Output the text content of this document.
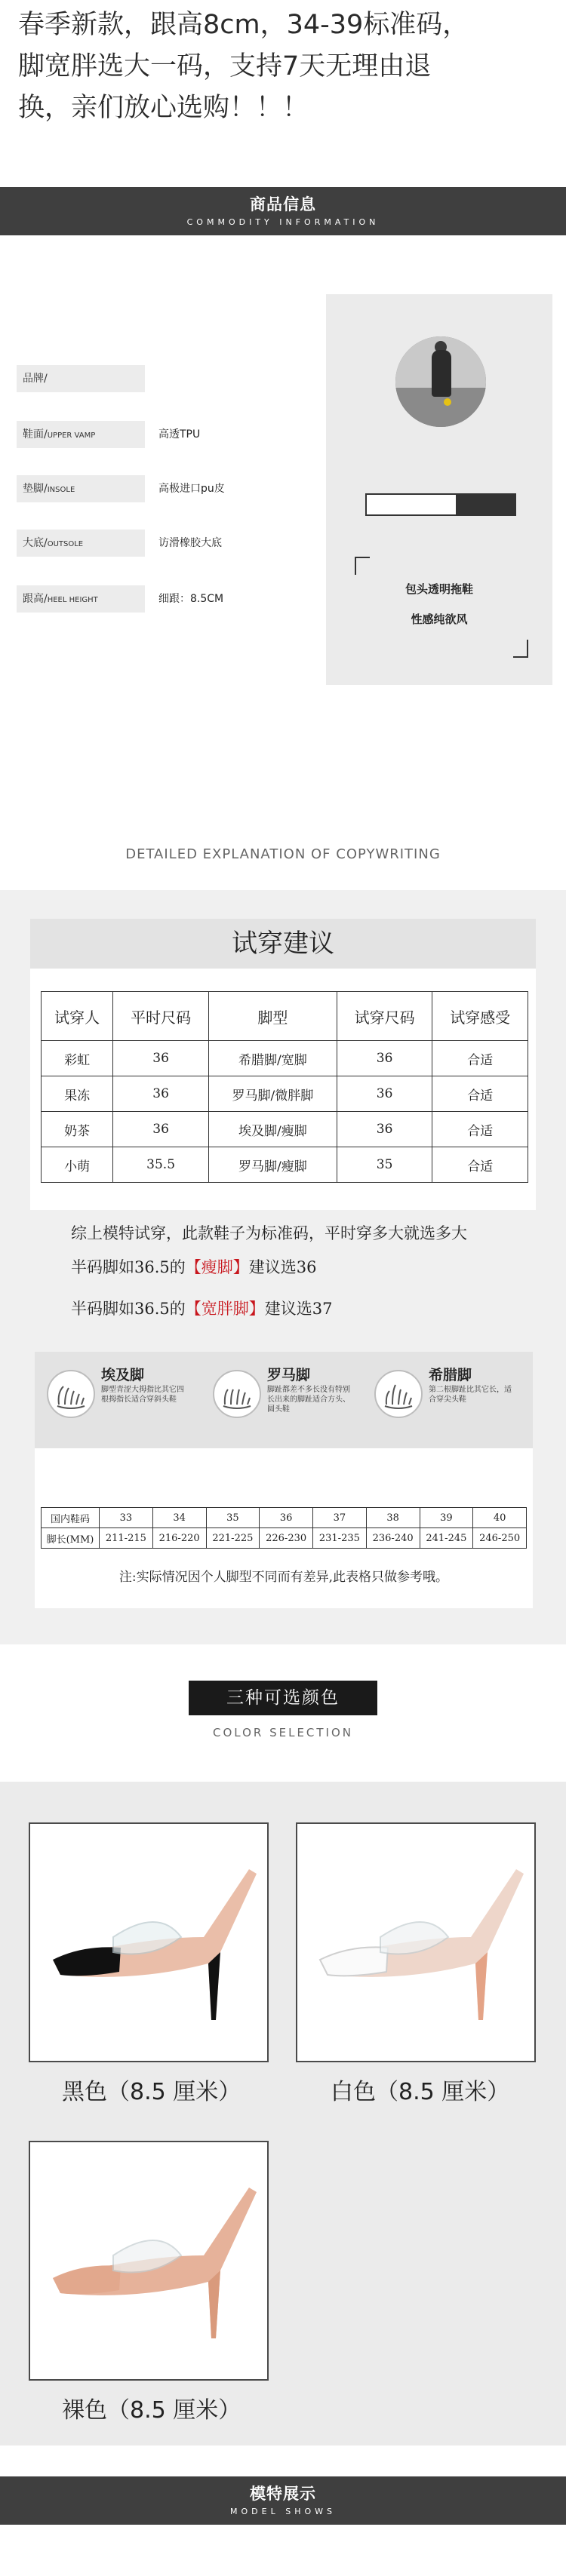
春季新款，跟高8cm，34-39标准码，
脚宽胖选大一码，支持7天无理由退
换，亲们放心选购！！！
商品信息
COMMODITY INFORMATION
品牌/
鞋面/UPPER VAMP	高透TPU
垫脚/INSOLE	高极进口pu皮
大底/OUTSOLE	访滑橡胶大底
跟高/HEEL HEIGHT	细跟：8.5CM
包头透明拖鞋
性感纯欲风
DETAILED EXPLANATION OF COPYWRITING
试穿建议
试穿人	平时尺码	脚型	试穿尺码	试穿感受
彩虹	36	希腊脚/宽脚	36	合适
果冻	36	罗马脚/微胖脚	36	合适
奶茶	36	埃及脚/瘦脚	36	合适
小萌	35.5	罗马脚/瘦脚	35	合适
综上模特试穿，此款鞋子为标准码，平时穿多大就选多大
半码脚如36.5的【瘦脚】建议选36
半码脚如36.5的【宽胖脚】建议选37
埃及脚
脚型青涩大拇指比其它四根拇指长适合穿斜头鞋
罗马脚
脚趾都差不多长没有特别长出来的脚趾适合方头、圆头鞋
希腊脚
第二根脚趾比其它长，适合穿尖头鞋
国内鞋码	33	34	35	36	37	38	39	40
脚长(MM)	211-215	216-220	221-225	226-230	231-235	236-240	241-245	246-250
注:实际情况因个人脚型不同而有差异,此表格只做参考哦。
三种可选颜色
COLOR SELECTION
黑色（8.5 厘米）	白色（8.5 厘米）
裸色（8.5 厘米）
模特展示
MODEL SHOWS
